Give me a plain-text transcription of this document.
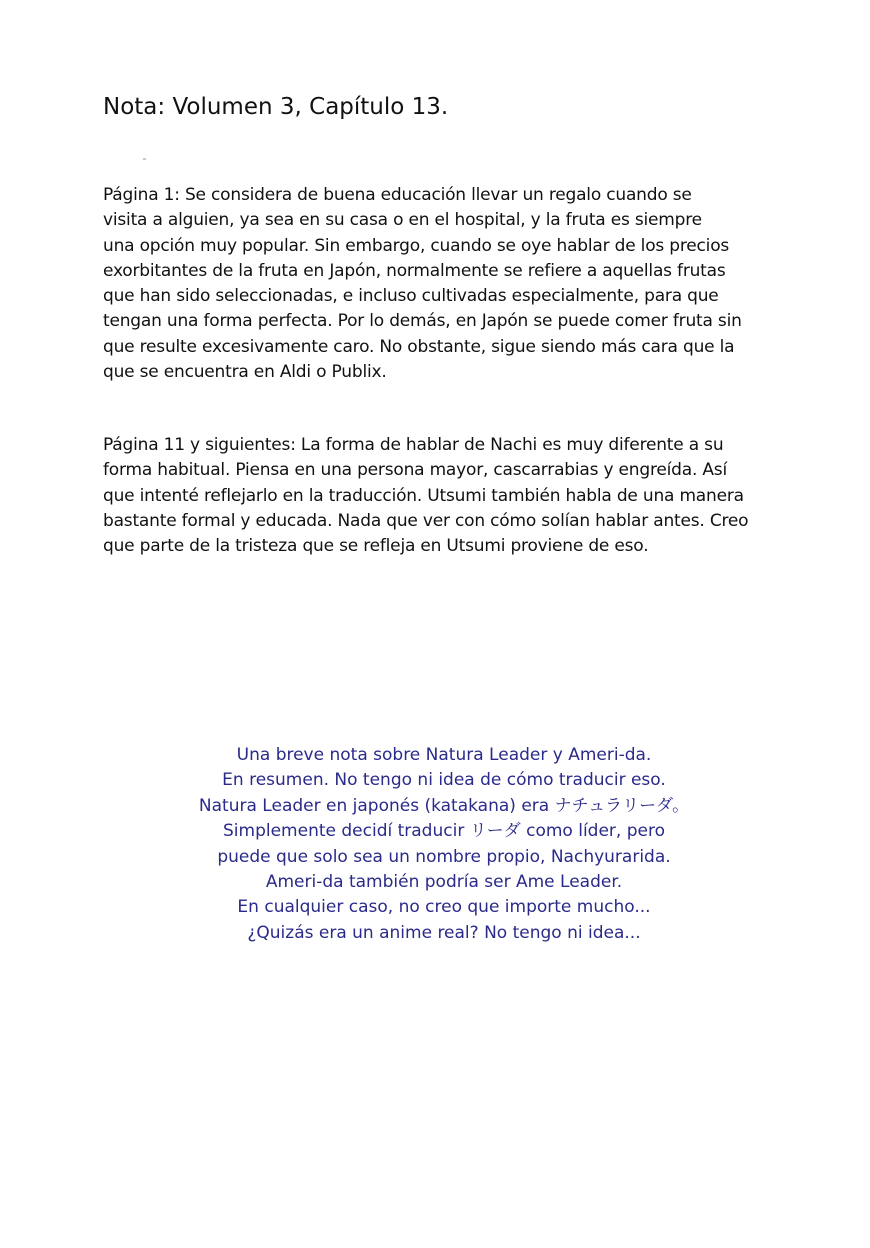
Nota: Volumen 3, Capítulo 13.

Página 1: Se considera de buena educación llevar un regalo cuando se
visita a alguien, ya sea en su casa o en el hospital, y la fruta es siempre
una opción muy popular. Sin embargo, cuando se oye hablar de los precios
exorbitantes de la fruta en Japón, normalmente se refiere a aquellas frutas
que han sido seleccionadas, e incluso cultivadas especialmente, para que
tengan una forma perfecta. Por lo demás, en Japón se puede comer fruta sin
que resulte excesivamente caro. No obstante, sigue siendo más cara que la
que se encuentra en Aldi o Publix.

Página 11 y siguientes: La forma de hablar de Nachi es muy diferente a su
forma habitual. Piensa en una persona mayor, cascarrabias y engreída. Así
que intenté reflejarlo en la traducción. Utsumi también habla de una manera
bastante formal y educada. Nada que ver con cómo solían hablar antes. Creo
que parte de la tristeza que se refleja en Utsumi proviene de eso.

Una breve nota sobre Natura Leader y Ameri-da.
En resumen. No tengo ni idea de cómo traducir eso.
Natura Leader en japonés (katakana) era ナチュラリーダ。
Simplemente decidí traducir リーダ como líder, pero
puede que solo sea un nombre propio, Nachyurarida.
Ameri-da también podría ser Ame Leader.
En cualquier caso, no creo que importe mucho...
¿Quizás era un anime real? No tengo ni idea...
